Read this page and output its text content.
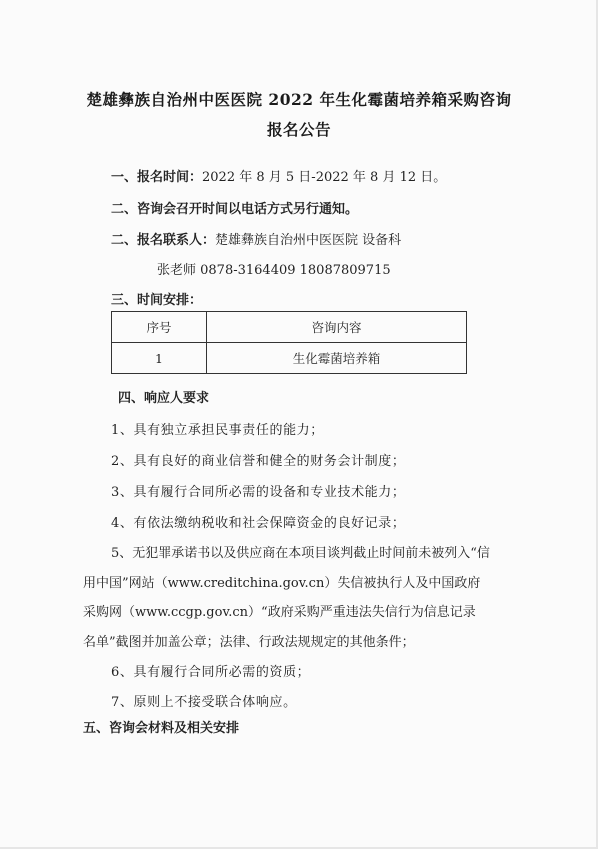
楚雄彝族自治州中医医院 2022 年生化霉菌培养箱采购咨询
报名公告
一、报名时间：2022 年 8 月 5 日-2022 年 8 月 12 日。
二、咨询会召开时间以电话方式另行通知。
二、报名联系人：楚雄彝族自治州中医医院 设备科
张老师 0878-3164409 18087809715
三、时间安排：
序号	咨询内容
1	生化霉菌培养箱
四、响应人要求
1、具有独立承担民事责任的能力；
2、具有良好的商业信誉和健全的财务会计制度；
3、具有履行合同所必需的设备和专业技术能力；
4、有依法缴纳税收和社会保障资金的良好记录；
5、无犯罪承诺书以及供应商在本项目谈判截止时间前未被列入“信
用中国”网站（www.creditchina.gov.cn）失信被执行人及中国政府
采购网（www.ccgp.gov.cn）“政府采购严重违法失信行为信息记录
名单”截图并加盖公章；法律、行政法规规定的其他条件；
6、具有履行合同所必需的资质；
7、原则上不接受联合体响应。
五、咨询会材料及相关安排
